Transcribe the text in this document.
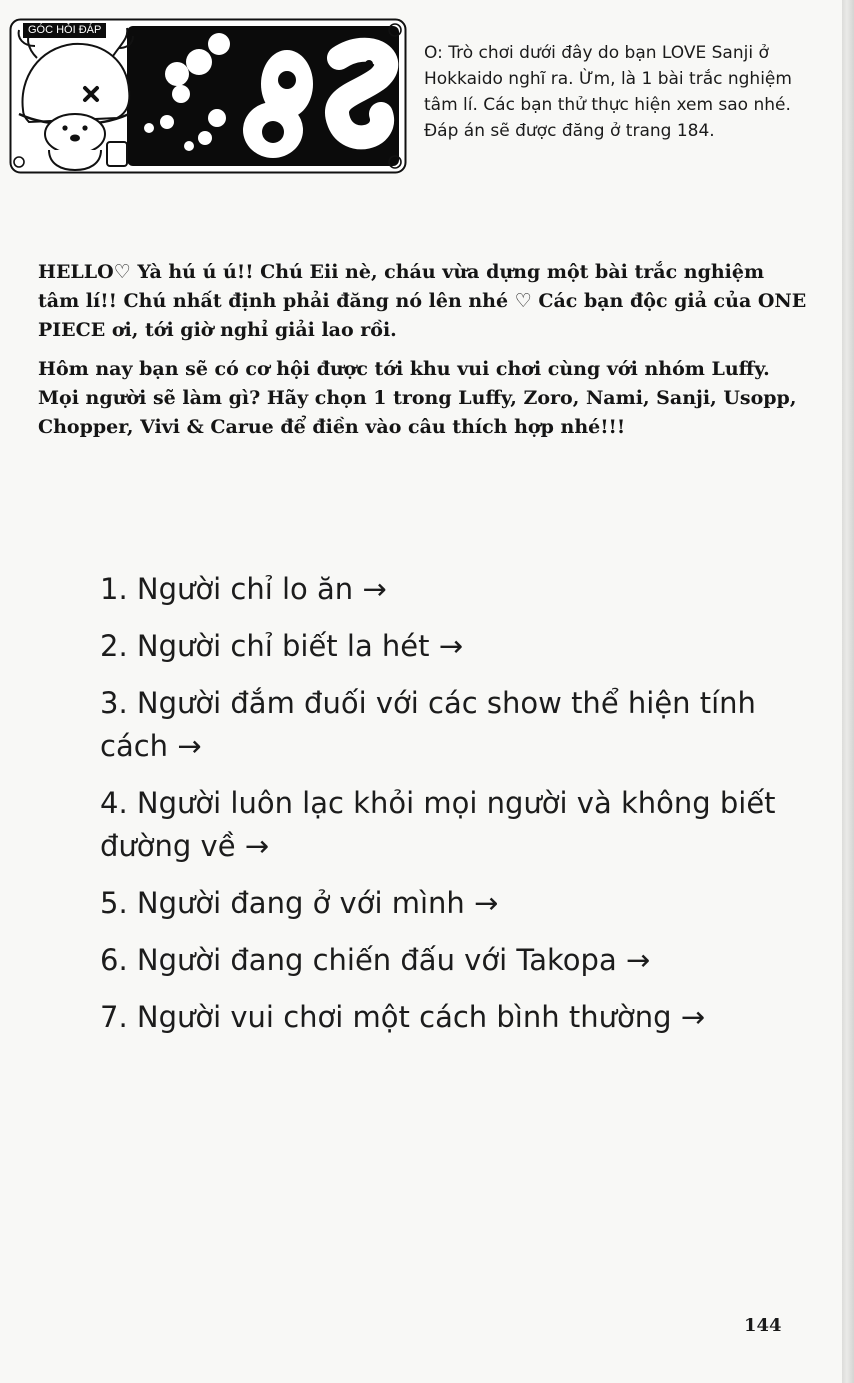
GÓC HỎI ĐÁP

O: Trò chơi dưới đây do bạn LOVE Sanji ở Hokkaido nghĩ ra. Ừm, là 1 bài trắc nghiệm tâm lí. Các bạn thử thực hiện xem sao nhé. Đáp án sẽ được đăng ở trang 184.

HELLO♡ Yà hú ú ú!! Chú Eii nè, cháu vừa dựng một bài trắc nghiệm tâm lí!! Chú nhất định phải đăng nó lên nhé ♡ Các bạn độc giả của ONE PIECE ơi, tới giờ nghỉ giải lao rồi.

Hôm nay bạn sẽ có cơ hội được tới khu vui chơi cùng với nhóm Luffy. Mọi người sẽ làm gì? Hãy chọn 1 trong Luffy, Zoro, Nami, Sanji, Usopp, Chopper, Vivi & Carue để điền vào câu thích hợp nhé!!!

1. Người chỉ lo ăn →
2. Người chỉ biết la hét →
3. Người đắm đuối với các show thể hiện tính cách →
4. Người luôn lạc khỏi mọi người và không biết đường về →
5. Người đang ở với mình →
6. Người đang chiến đấu với Takopa →
7. Người vui chơi một cách bình thường →
144
